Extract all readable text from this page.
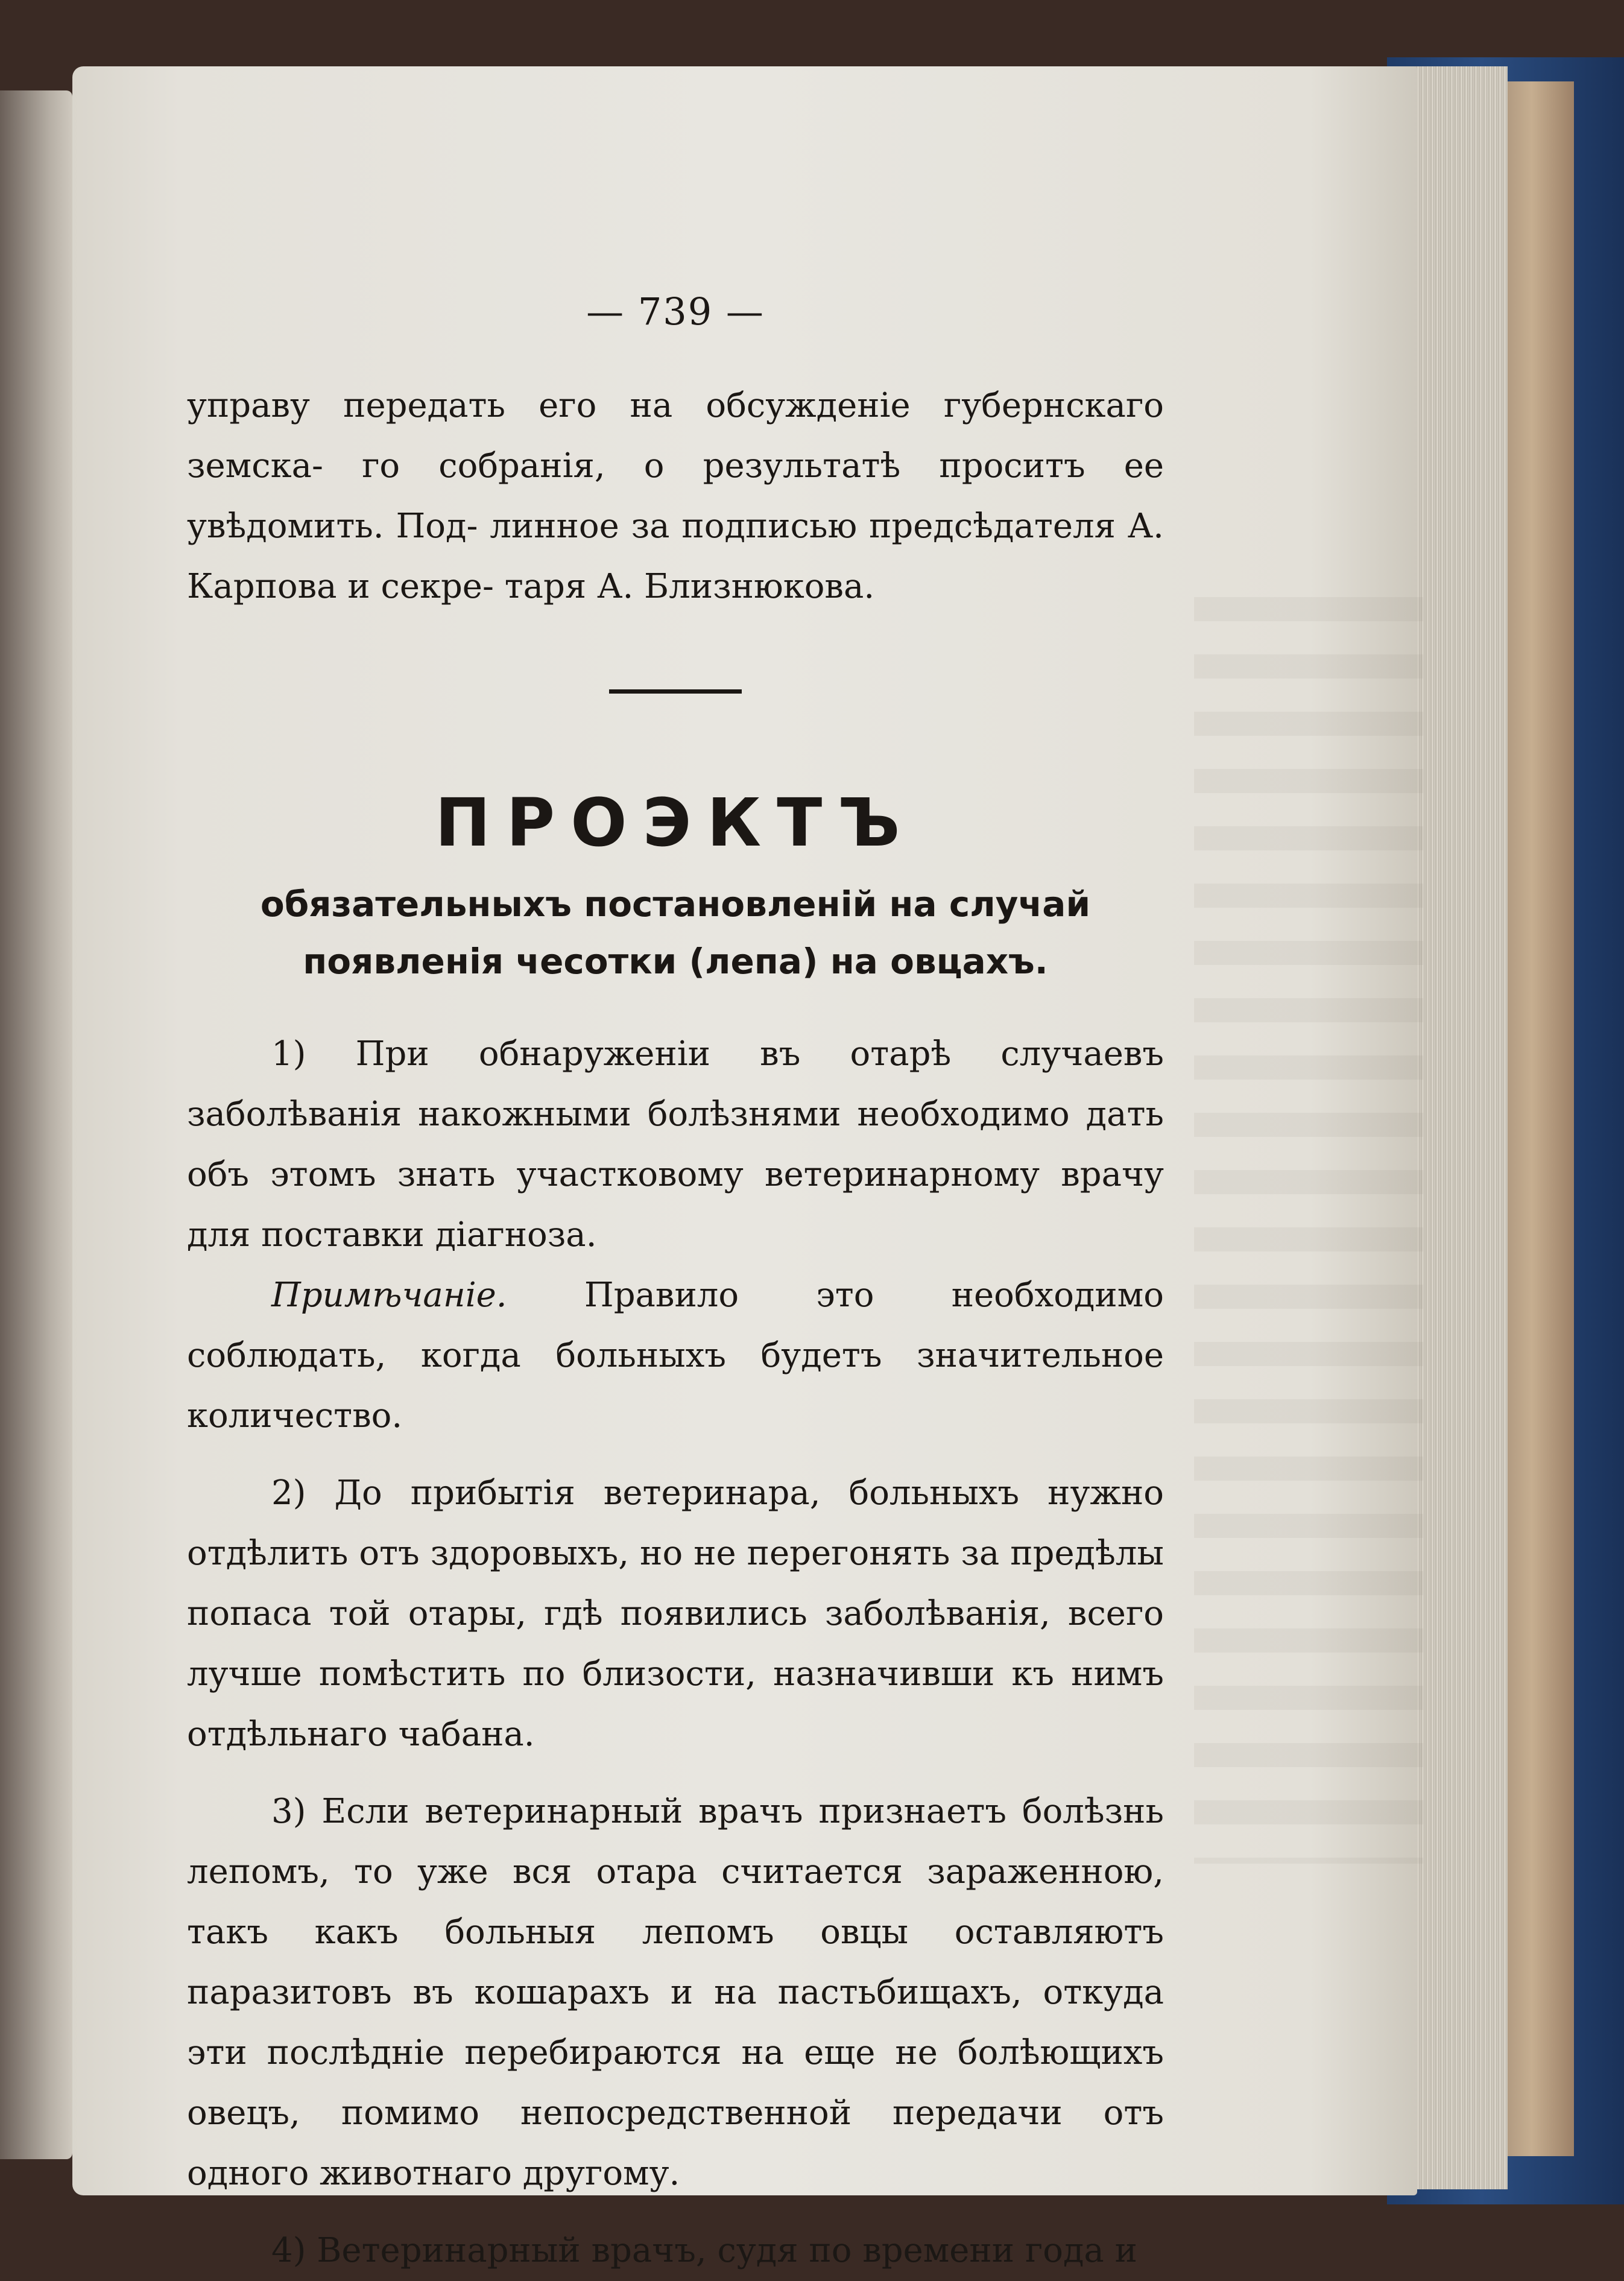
— 739 —

управу передать его на обсужденіе губернскаго земска- го собранія, о результатѣ проситъ ее увѣдомить. Под- линное за подписью предсѣдателя А. Карпова и секре- таря А. Близнюкова.

ПРОЭКТЪ
обязательныхъ постановленій на случай
появленія чесотки (лепа) на овцахъ.

1) При обнаруженіи въ отарѣ случаевъ заболѣванія накожными болѣзнями необходимо дать объ этомъ знать участковому ветеринарному врачу для поставки діагноза.

Примѣчаніе. Правило это необходимо соблюдать, когда больныхъ будетъ значительное количество.

2) До прибытія ветеринара, больныхъ нужно отдѣлить отъ здоровыхъ, но не перегонять за предѣлы попаса той отары, гдѣ появились заболѣванія, всего лучше помѣстить по близости, назначивши къ нимъ отдѣльнаго чабана.

3) Если ветеринарный врачъ признаетъ болѣзнь лепомъ, то уже вся отара считается зараженною, такъ какъ больныя лепомъ овцы оставляютъ паразитовъ въ кошарахъ и на пастьбищахъ, откуда эти послѣдніе перебираются на еще не болѣющихъ овецъ, помимо непосредственной передачи отъ одного животнаго другому.

4) Ветеринарный врачъ, судя по времени года и
